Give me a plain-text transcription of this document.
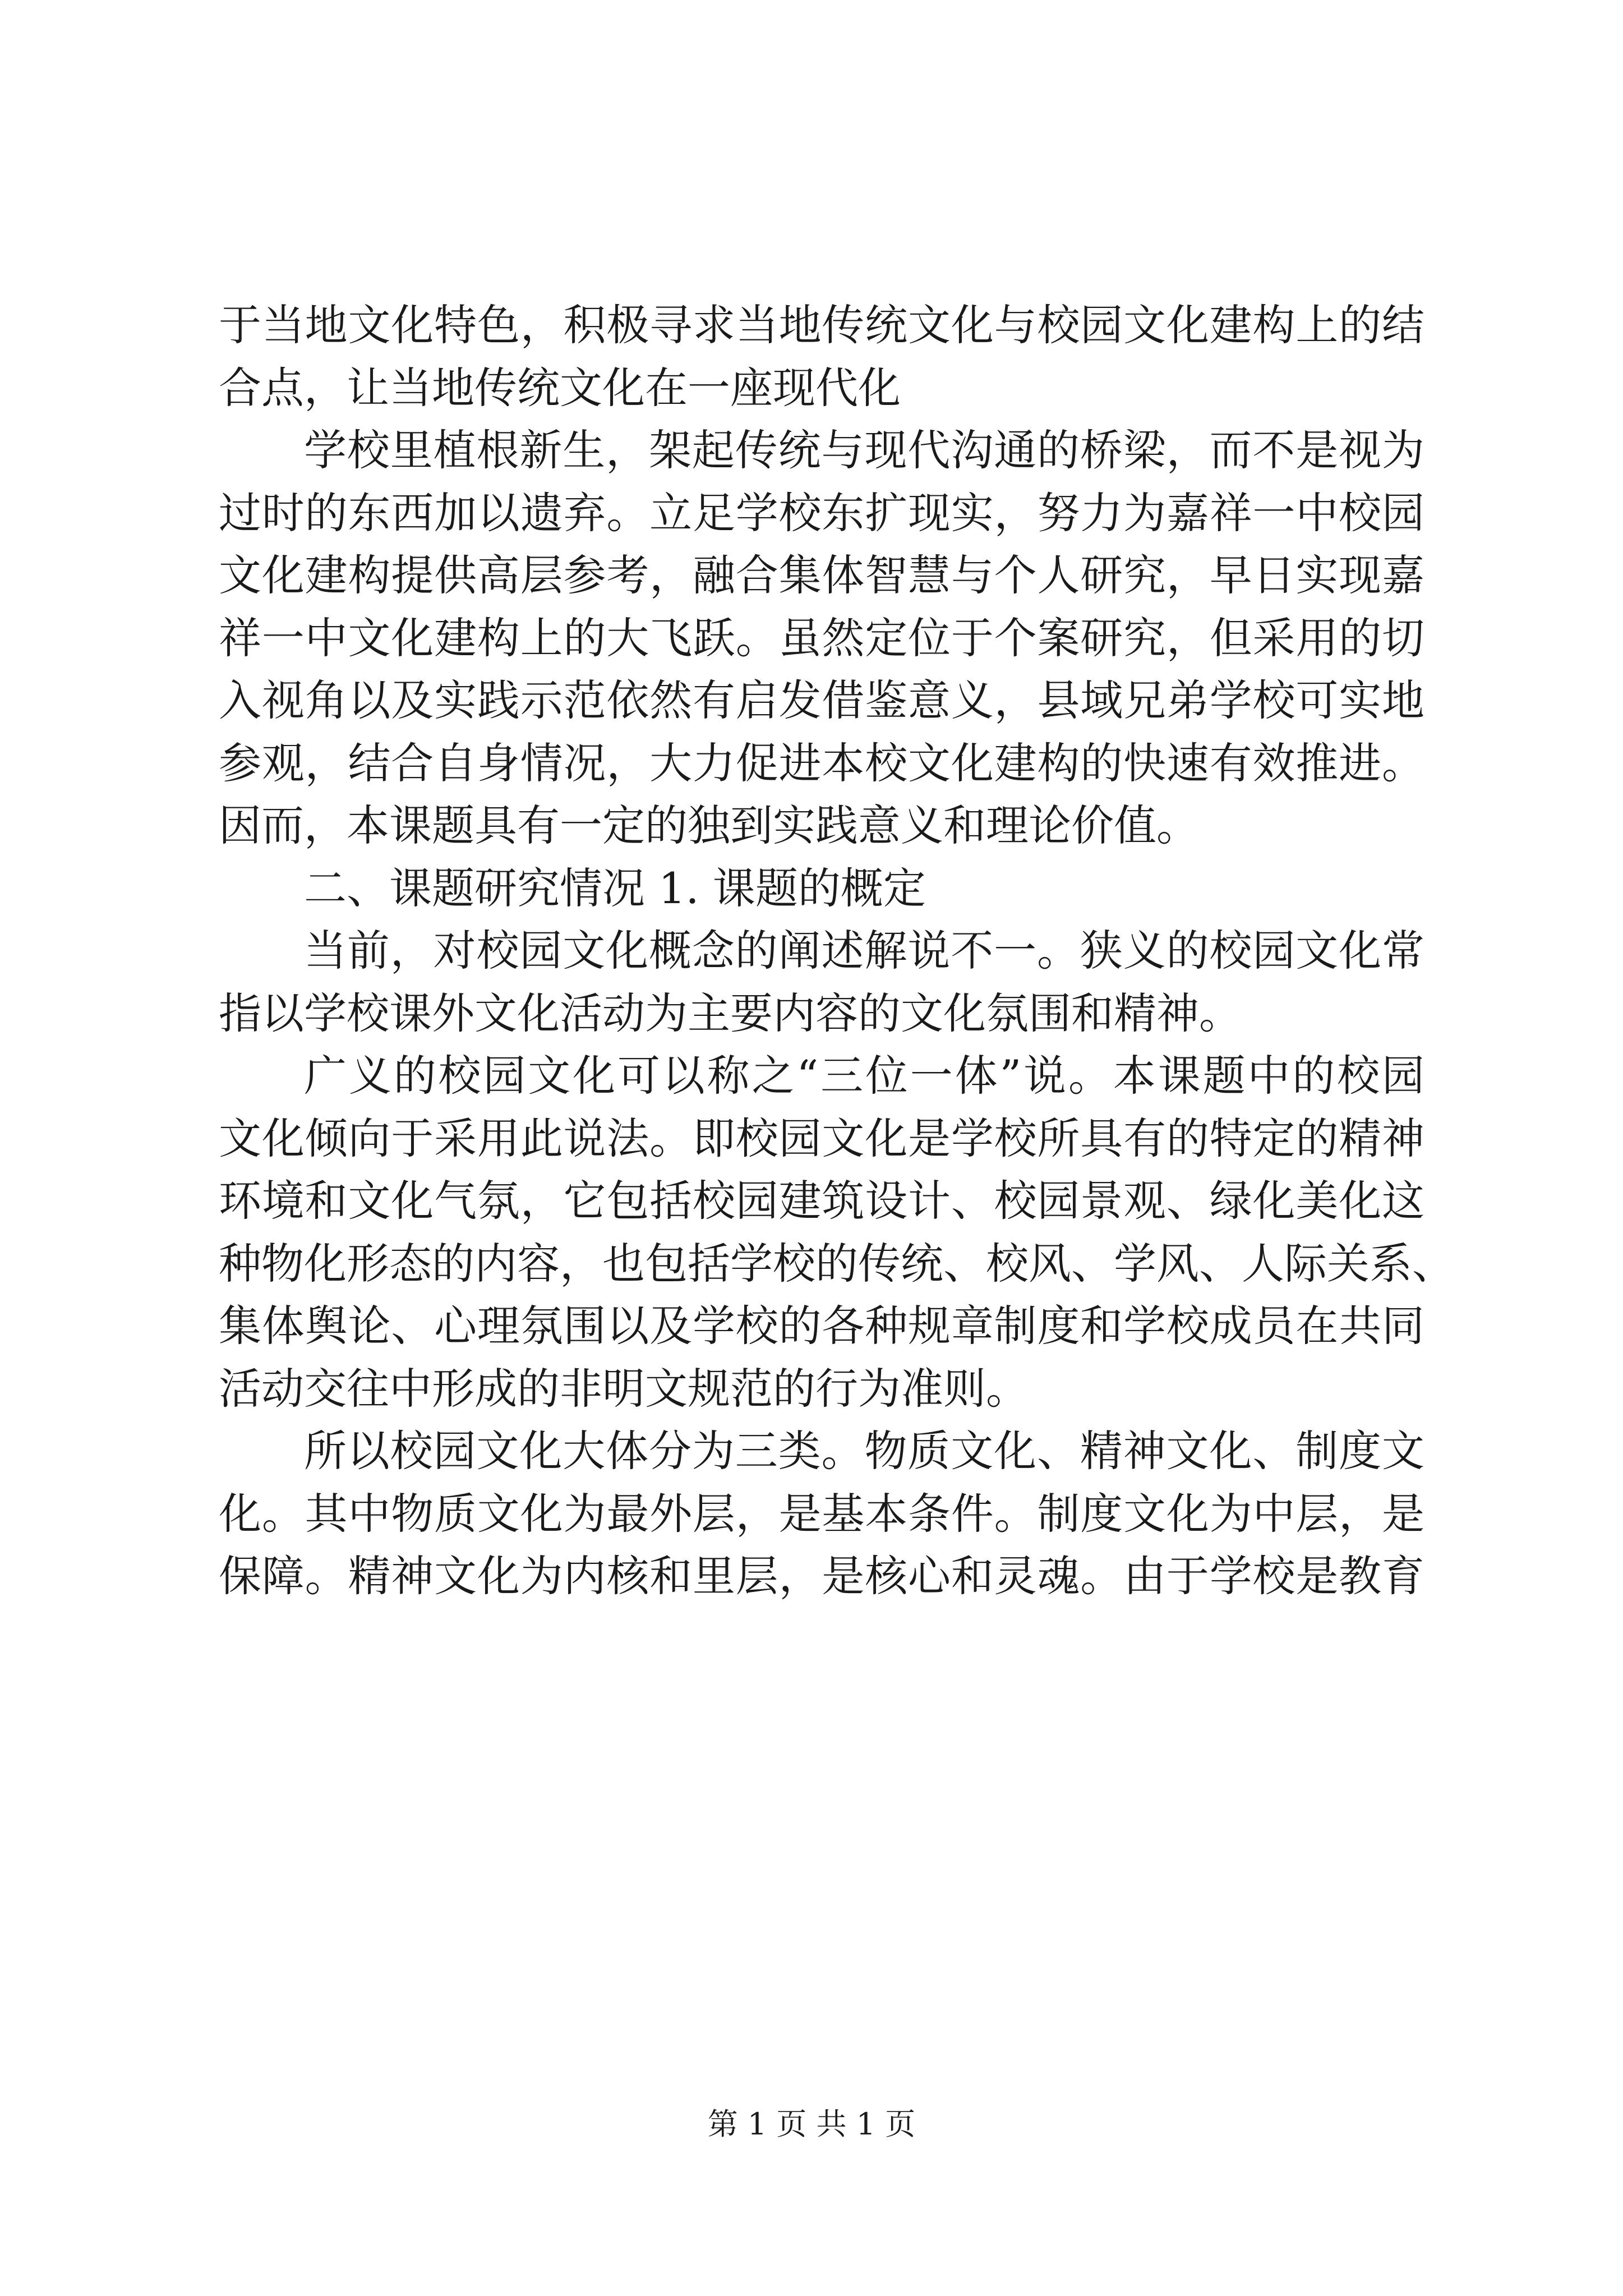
于当地文化特色，积极寻求当地传统文化与校园文化建构上的结
合点，让当地传统文化在一座现代化
学校里植根新生，架起传统与现代沟通的桥梁，而不是视为
过时的东西加以遗弃。立足学校东扩现实，努力为嘉祥一中校园
文化建构提供高层参考，融合集体智慧与个人研究，早日实现嘉
祥一中文化建构上的大飞跃。虽然定位于个案研究，但采用的切
入视角以及实践示范依然有启发借鉴意义，县域兄弟学校可实地
参观，结合自身情况，大力促进本校文化建构的快速有效推进。
因而，本课题具有一定的独到实践意义和理论价值。
二、课题研究情况 1. 课题的概定
当前，对校园文化概念的阐述解说不一。狭义的校园文化常
指以学校课外文化活动为主要内容的文化氛围和精神。
广义的校园文化可以称之“三位一体”说。本课题中的校园
文化倾向于采用此说法。即校园文化是学校所具有的特定的精神
环境和文化气氛，它包括校园建筑设计、校园景观、绿化美化这
种物化形态的内容，也包括学校的传统、校风、学风、人际关系、
集体舆论、心理氛围以及学校的各种规章制度和学校成员在共同
活动交往中形成的非明文规范的行为准则。
所以校园文化大体分为三类。物质文化、精神文化、制度文
化。其中物质文化为最外层，是基本条件。制度文化为中层，是
保障。精神文化为内核和里层，是核心和灵魂。由于学校是教育
第 1 页 共 1 页
